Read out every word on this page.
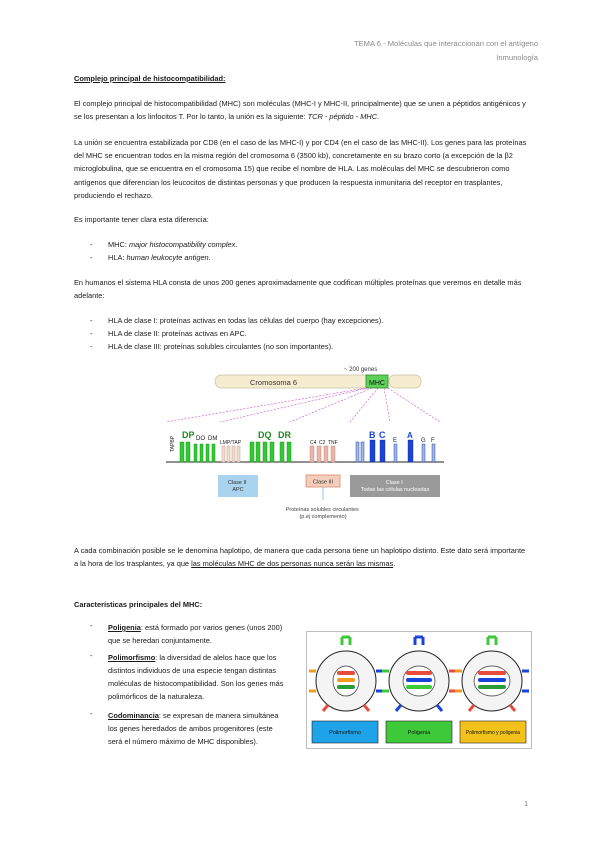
TEMA 6 - Moléculas que interaccionan con el antígeno
Inmunología
Complejo principal de histocompatibilidad:
El complejo principal de histocompatibilidad (MHC) son moléculas (MHC-I y MHC-II, principalmente) que se unen a péptidos antigénicos y se los presentan a los linfocitos T. Por lo tanto, la unión es la siguiente: TCR - péptido - MHC.
La unión se encuentra estabilizada por CD8 (en el caso de las MHC-I) y por CD4 (en el caso de las MHC-II). Los genes para las proteínas del MHC se encuentran todos en la misma región del cromosoma 6 (3500 kb), concretamente en su brazo corto (a excepción de la β2 microglobulina, que se encuentra en el cromosoma 15) que recibe el nombre de HLA. Las moléculas del MHC se descubrieron como antígenos que diferencian los leucocitos de distintas personas y que producen la respuesta inmunitaria del receptor en trasplantes, produciendo el rechazo.
Es importante tener clara esta diferencia:
- MHC: major histocompatibility complex.
- HLA: human leukocyte antigen.
En humanos el sistema HLA consta de unos 200 genes aproximadamente que codifican múltiples proteínas que veremos en detalle más adelante:
- HLA de clase I: proteínas activas en todas las células del cuerpo (hay excepciones).
- HLA de clase II: proteínas activas en APC.
- HLA de clase III: proteínas solubles circulantes (no son importantes).
~ 200 genes
Cromosoma 6	MHC
TAPBP
DP DO DM
LMP/TAP
DQ DR
C4 C2 TNF
B C
E
A
G F
Clase II APC
Clase III	Clase I Todas las células nucleadas
Proteínas solubles circulantes (p.ej complemento)
A cada combinación posible se le denomina haplotipo, de manera que cada persona tiene un haplotipo distinto. Este dato será importante a la hora de los trasplantes, ya que las moléculas MHC de dos personas nunca serán las mismas.
Características principales del MHC:
- Poligenia: está formado por varios genes (unos 200) que se heredan conjuntamente.
- Polimorfismo: la diversidad de alelos hace que los distintos individuos de una especie tengan distintas moléculas de histocompatibilidad. Son los genes más polimórficos de la naturaleza.
- Codominancia: se expresan de manera simultánea los genes heredados de ambos progenitores (este será el número máximo de MHC disponibles).
Polimorfismo	Poligenia	Polimorfismo y poligenia
1
